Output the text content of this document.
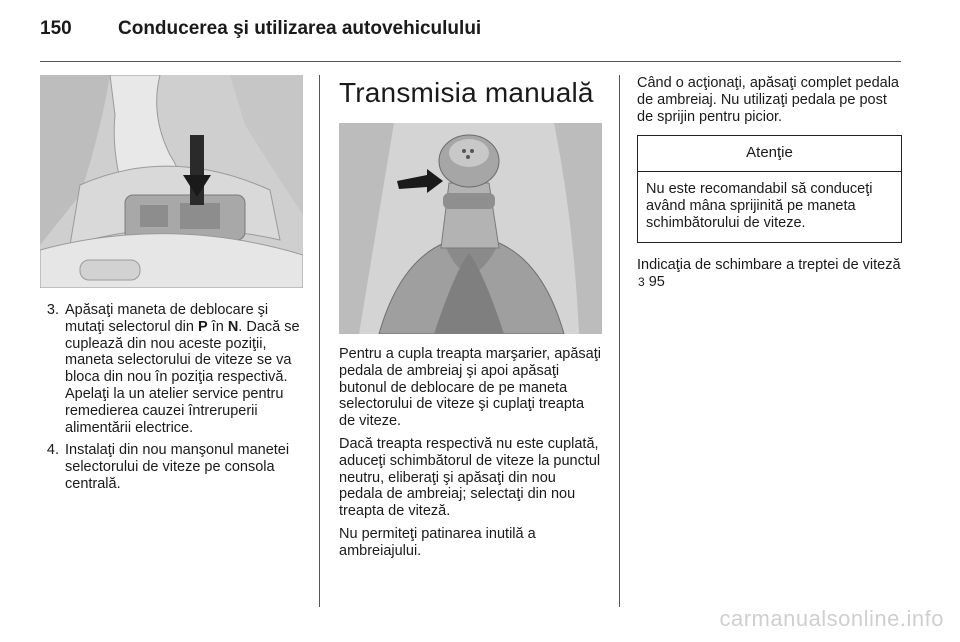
150	Conducerea şi utilizarea autovehiculului
3. Apăsaţi maneta de deblocare şi mutaţi selectorul din P în N. Dacă se cuplează din nou aceste poziţii, maneta selectorului de viteze se va bloca din nou în poziţia respectivă. Apelaţi la un atelier service pentru remedierea cauzei întreruperii alimentării electrice.
4. Instalaţi din nou manşonul manetei selectorului de viteze pe consola centrală.
Transmisia manuală

Pentru a cupla treapta marşarier, apăsaţi pedala de ambreiaj şi apoi apăsaţi butonul de deblocare de pe maneta selectorului de viteze şi cuplaţi treapta de viteze.

Dacă treapta respectivă nu este cuplată, aduceţi schimbătorul de viteze la punctul neutru, eliberaţi şi apăsaţi din nou pedala de ambreiaj; selectaţi din nou treapta de viteză.

Nu permiteţi patinarea inutilă a ambreiajului.

Când o acţionaţi, apăsaţi complet pedala de ambreiaj. Nu utilizaţi pedala pe post de sprijin pentru picior.

Atenţie
Nu este recomandabil să conduceţi având mâna sprijinită pe maneta schimbătorului de viteze.

Indicaţia de schimbare a treptei de viteză 3 95

carmanualsonline.info
